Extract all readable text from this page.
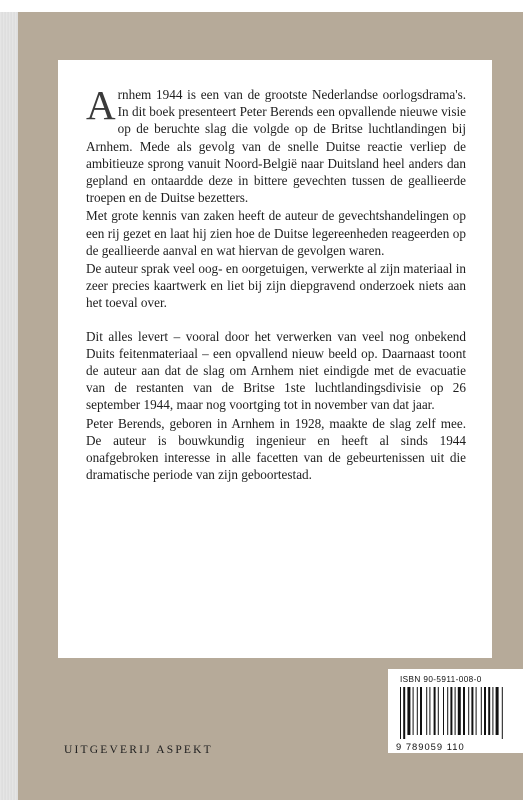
Arnhem 1944 is een van de grootste Nederlandse oorlogsdrama's. In dit boek presenteert Peter Berends een opvallende nieuwe visie op de beruchte slag die volgde op de Britse luchtlandingen bij Arnhem. Mede als gevolg van de snelle Duitse reactie verliep de ambitieuze sprong vanuit Noord-België naar Duitsland heel anders dan gepland en ontaardde deze in bittere gevechten tussen de geallieerde troepen en de Duitse bezetters.

Met grote kennis van zaken heeft de auteur de gevechtshandelingen op een rij gezet en laat hij zien hoe de Duitse legereenheden reageerden op de geallieerde aanval en wat hiervan de gevolgen waren.

De auteur sprak veel oog- en oorgetuigen, verwerkte al zijn materiaal in zeer precies kaartwerk en liet bij zijn diepgravend onderzoek niets aan het toeval over.

Dit alles levert – vooral door het verwerken van veel nog onbekend Duits feitenmateriaal – een opvallend nieuw beeld op. Daarnaast toont de auteur aan dat de slag om Arnhem niet eindigde met de evacuatie van de restanten van de Britse 1ste luchtlandingsdivisie op 26 september 1944, maar nog voortging tot in november van dat jaar.

Peter Berends, geboren in Arnhem in 1928, maakte de slag zelf mee. De auteur is bouwkundig ingenieur en heeft al sinds 1944 onafgebroken interesse in alle facetten van de gebeurtenissen uit die dramatische periode van zijn geboortestad.

UITGEVERIJ ASPEKT
ISBN 90-5911-008-0
9 789059 110
